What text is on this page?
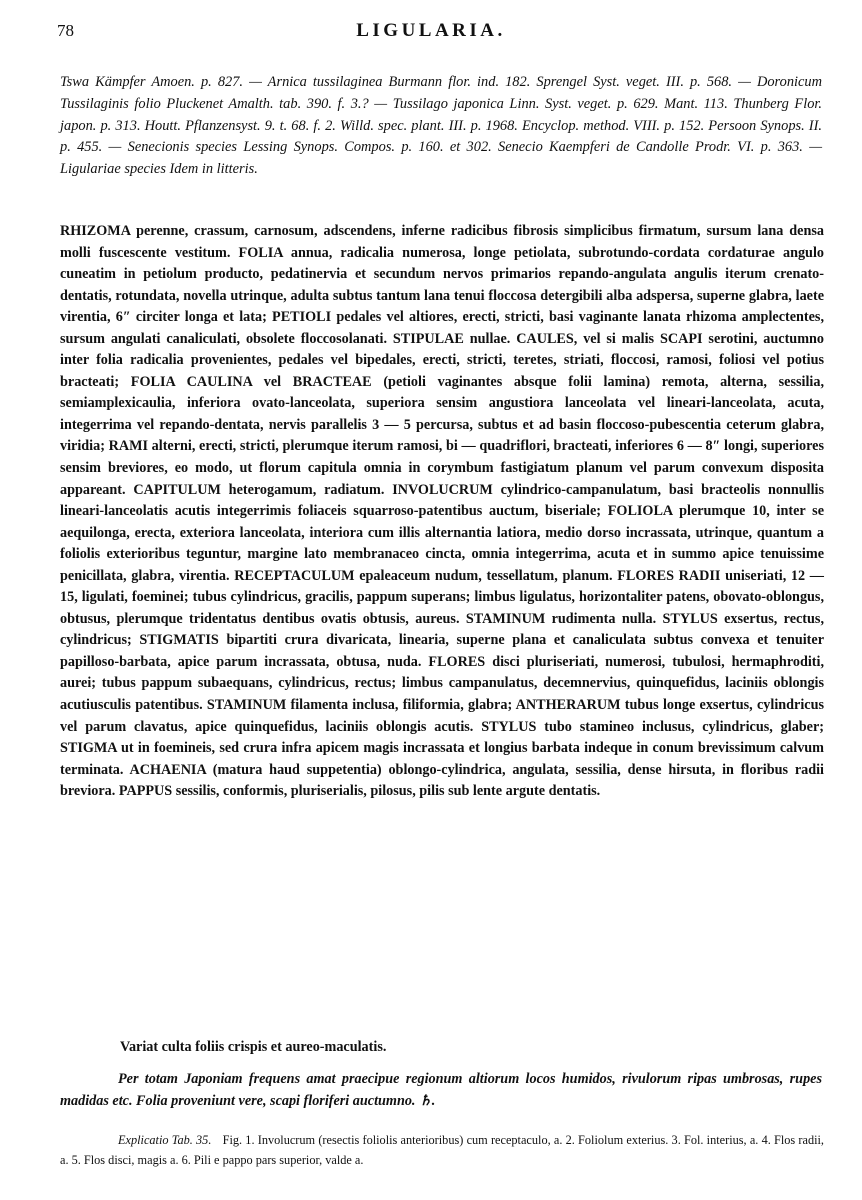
78	LIGULARIA.
Tswa Kämpfer Amoen. p. 827. — Arnica tussilaginea Burmann flor. ind. 182. Sprengel Syst. veget. III. p. 568. — Doronicum Tussilaginis folio Pluckenet Amalth. tab. 390. f. 3.? — Tussilago japonica Linn. Syst. veget. p. 629. Mant. 113. Thunberg Flor. japon. p. 313. Houtt. Pflanzensyst. 9. t. 68. f. 2. Willd. spec. plant. III. p. 1968. Encyclop. method. VIII. p. 152. Persoon Synops. II. p. 455. — Senecionis species Lessing Synops. Compos. p. 160. et 302. Senecio Kaempferi de Candolle Prodr. VI. p. 363. — Ligulariae species Idem in litteris.
RHIZOMA perenne, crassum, carnosum, adscendens, inferne radicibus fibrosis simplicibus firmatum, sursum lana densa molli fuscescente vestitum. FOLIA annua, radicalia numerosa, longe petiolata, subrotundo-cordata cordaturae angulo cuneatim in petiolum producto, pedatinervia et secundum nervos primarios repando-angulata angulis iterum crenato-dentatis, rotundata, novella utrinque, adulta subtus tantum lana tenui floccosa detergibili alba adspersa, superne glabra, laete virentia, 6″ circiter longa et lata; PETIOLI pedales vel altiores, erecti, stricti, basi vaginante lanata rhizoma amplectentes, sursum angulati canaliculati, obsolete floccosolanati. STIPULAE nullae. CAULES, vel si malis SCAPI serotini, auctumno inter folia radicalia provenientes, pedales vel bipedales, erecti, stricti, teretes, striati, floccosi, ramosi, foliosi vel potius bracteati; FOLIA CAULINA vel BRACTEAE (petioli vaginantes absque folii lamina) remota, alterna, sessilia, semiamplexicaulia, inferiora ovato-lanceolata, superiora sensim angustiora lanceolata vel lineari-lanceolata, acuta, integerrima vel repando-dentata, nervis parallelis 3 — 5 percursa, subtus et ad basin floccoso-pubescentia ceterum glabra, viridia; RAMI alterni, erecti, stricti, plerumque iterum ramosi, bi — quadriflori, bracteati, inferiores 6 — 8″ longi, superiores sensim breviores, eo modo, ut florum capitula omnia in corymbum fastigiatum planum vel parum convexum disposita appareant. CAPITULUM heterogamum, radiatum. INVOLUCRUM cylindrico-campanulatum, basi bracteolis nonnullis lineari-lanceolatis acutis integerrimis foliaceis squarroso-patentibus auctum, biseriale; FOLIOLA plerumque 10, inter se aequilonga, erecta, exteriora lanceolata, interiora cum illis alternantia latiora, medio dorso incrassata, utrinque, quantum a foliolis exterioribus teguntur, margine lato membranaceo cincta, omnia integerrima, acuta et in summo apice tenuissime penicillata, glabra, virentia. RECEPTACULUM epaleaceum nudum, tessellatum, planum. FLORES RADII uniseriati, 12 — 15, ligulati, foeminei; tubus cylindricus, gracilis, pappum superans; limbus ligulatus, horizontaliter patens, obovato-oblongus, obtusus, plerumque tridentatus dentibus ovatis obtusis, aureus. STAMINUM rudimenta nulla. STYLUS exsertus, rectus, cylindricus; STIGMATIS bipartiti crura divaricata, linearia, superne plana et canaliculata subtus convexa et tenuiter papilloso-barbata, apice parum incrassata, obtusa, nuda. FLORES disci pluriseriati, numerosi, tubulosi, hermaphroditi, aurei; tubus pappum subaequans, cylindricus, rectus; limbus campanulatus, decemnervius, quinquefidus, laciniis oblongis acutiusculis patentibus. STAMINUM filamenta inclusa, filiformia, glabra; ANTHERARUM tubus longe exsertus, cylindricus vel parum clavatus, apice quinquefidus, laciniis oblongis acutis. STYLUS tubo stamineo inclusus, cylindricus, glaber; STIGMA ut in foemineis, sed crura infra apicem magis incrassata et longius barbata indeque in conum brevissimum calvum terminata. ACHAENIA (matura haud suppetentia) oblongo-cylindrica, angulata, sessilia, dense hirsuta, in floribus radii breviora. PAPPUS sessilis, conformis, pluriserialis, pilosus, pilis sub lente argute dentatis.
Variat culta foliis crispis et aureo-maculatis.
Per totam Japoniam frequens amat praecipue regionum altiorum locos humidos, rivulorum ripas umbrosas, rupes madidas etc. Folia proveniunt vere, scapi floriferi auctumno. ♄.
Explicatio Tab. 35. Fig. 1. Involucrum (resectis foliolis anterioribus) cum receptaculo, a. 2. Foliolum exterius. 3. Fol. interius, a. 4. Flos radii, a. 5. Flos disci, magis a. 6. Pili e pappo pars superior, valde a.
